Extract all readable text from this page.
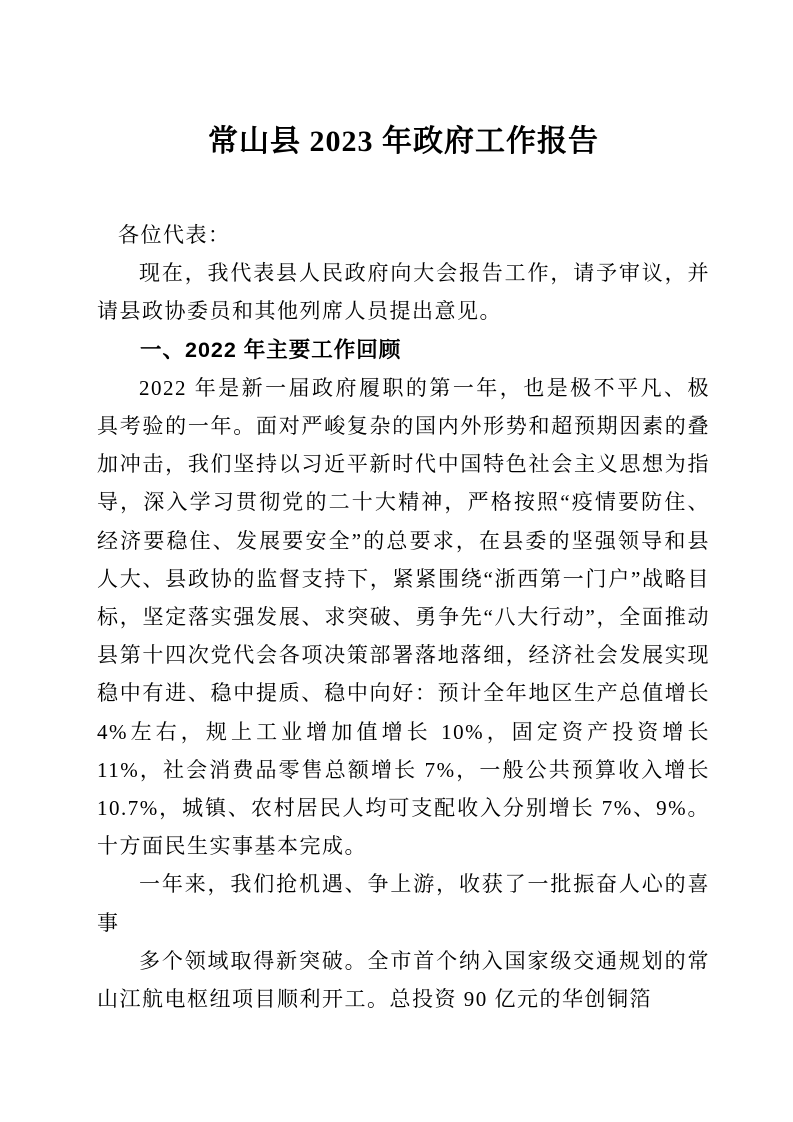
常山县 2023 年政府工作报告

各位代表：

现在，我代表县人民政府向大会报告工作，请予审议，并请县政协委员和其他列席人员提出意见。

一、2022 年主要工作回顾

2022 年是新一届政府履职的第一年，也是极不平凡、极具考验的一年。面对严峻复杂的国内外形势和超预期因素的叠加冲击，我们坚持以习近平新时代中国特色社会主义思想为指导，深入学习贯彻党的二十大精神，严格按照“疫情要防住、经济要稳住、发展要安全”的总要求，在县委的坚强领导和县人大、县政协的监督支持下，紧紧围绕“浙西第一门户”战略目标，坚定落实强发展、求突破、勇争先“八大行动”，全面推动县第十四次党代会各项决策部署落地落细，经济社会发展实现稳中有进、稳中提质、稳中向好：预计全年地区生产总值增长 4%左右，规上工业增加值增长 10%，固定资产投资增长 11%，社会消费品零售总额增长 7%，一般公共预算收入增长 10.7%，城镇、农村居民人均可支配收入分别增长 7%、9%。十方面民生实事基本完成。

一年来，我们抢机遇、争上游，收获了一批振奋人心的喜事

多个领域取得新突破。全市首个纳入国家级交通规划的常山江航电枢纽项目顺利开工。总投资 90 亿元的华创铜箔
